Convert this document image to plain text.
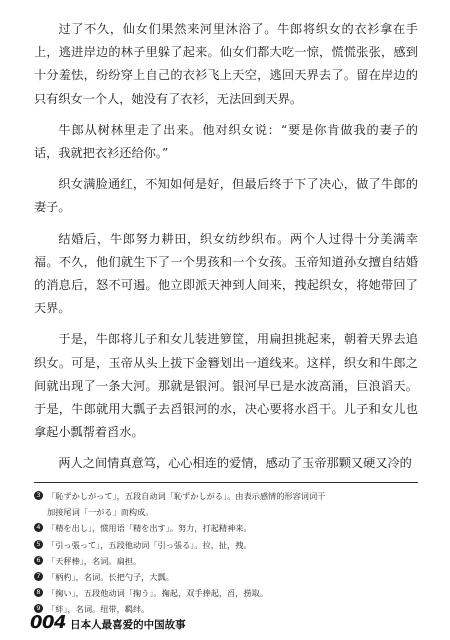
过了不久，仙女们果然来河里沐浴了。牛郎将织女的衣衫拿在手上，逃进岸边的林子里躲了起来。仙女们都大吃一惊，慌慌张张，感到十分羞怯，纷纷穿上自己的衣衫飞上天空，逃回天界去了。留在岸边的只有织女一个人，她没有了衣衫，无法回到天界。

牛郎从树林里走了出来。他对织女说：“要是你肯做我的妻子的话，我就把衣衫还给你。”

织女满脸通红，不知如何是好，但最后终于下了决心，做了牛郎的妻子。

结婚后，牛郎努力耕田，织女纺纱织布。两个人过得十分美满幸福。不久，他们就生下了一个男孩和一个女孩。玉帝知道孙女擅自结婚的消息后，怒不可遏。他立即派天神到人间来，拽起织女，将她带回了天界。

于是，牛郎将儿子和女儿装进箩筐，用扁担挑起来，朝着天界去追织女。可是，玉帝从头上拔下金簪划出一道线来。这样，织女和牛郎之间就出现了一条大河。那就是银河。银河早已是水波高涌，巨浪滔天。于是，牛郎就用大瓢子去舀银河的水，决心要将水舀干。儿子和女儿也拿起小瓢帮着舀水。

两人之间情真意笃，心心相连的爱情，感动了玉帝那颗又硬又冷的

3 「恥ずかしがって」，五段自动词「恥ずかしがる」。由表示感情的形容词词干
加接尾词「一がる」而构成。
4 「精を出し」，惯用语「精を出す」。努力，打起精神来。
5 「引っ張って」，五段他动词「引っ張る」。拉，扯，拽。
6 「天秤棒」，名词。扁担。
7 「柄杓」，名词。长把勺子，大瓢。
8 「掬い」，五段他动词「掬う」。掬起，双手捧起，舀，捞取。
9 「絆」，名词。纽带，羁绊。
004 日本人最喜爱的中国故事
